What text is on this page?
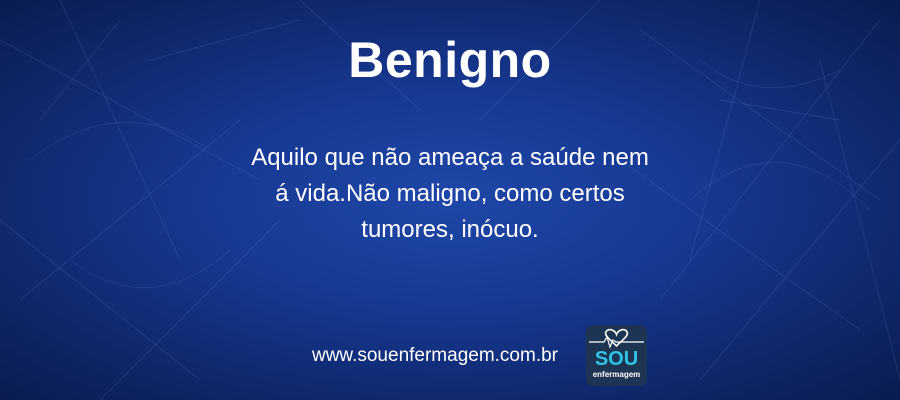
Benigno
Aquilo que não ameaça a saúde nem á vida.Não maligno, como certos tumores, inócuo.
www.souenfermagem.com.br	SOU
enfermagem
